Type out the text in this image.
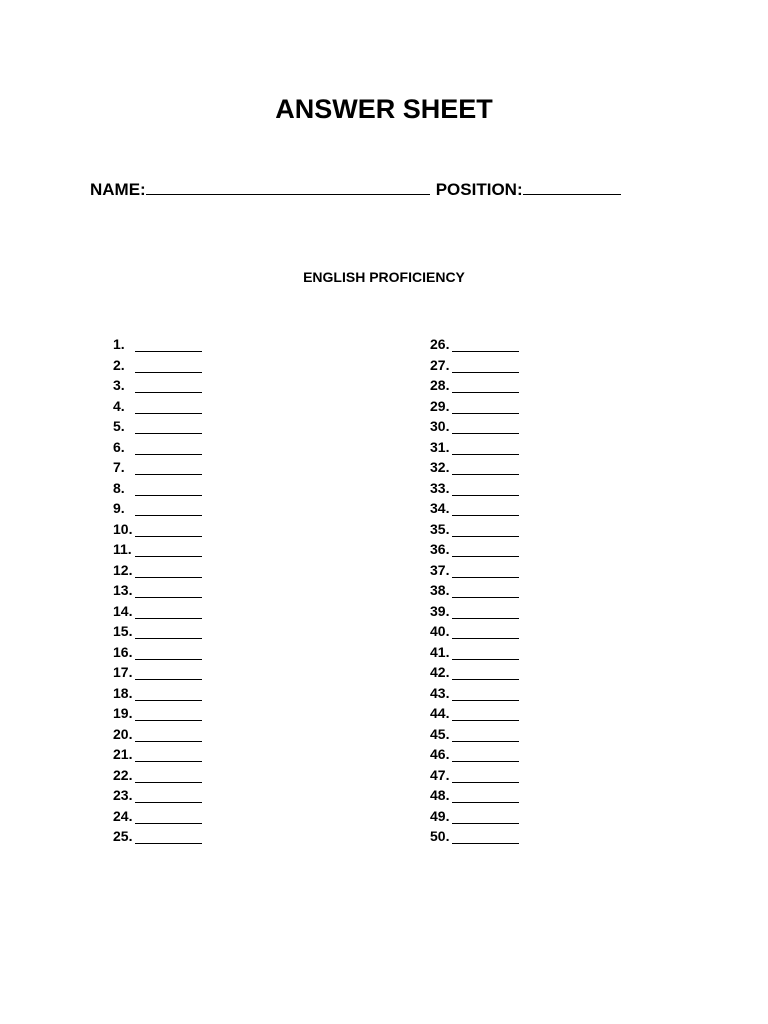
ANSWER SHEET
NAME:	POSITION:
ENGLISH PROFICIENCY
1.
2.
3.
4.
5.
6.
7.
8.
9.
10.
11.
12.
13.
14.
15.
16.
17.
18.
19.
20.
21.
22.
23.
24.
25.
26.
27.
28.
29.
30.
31.
32.
33.
34.
35.
36.
37.
38.
39.
40.
41.
42.
43.
44.
45.
46.
47.
48.
49.
50.
